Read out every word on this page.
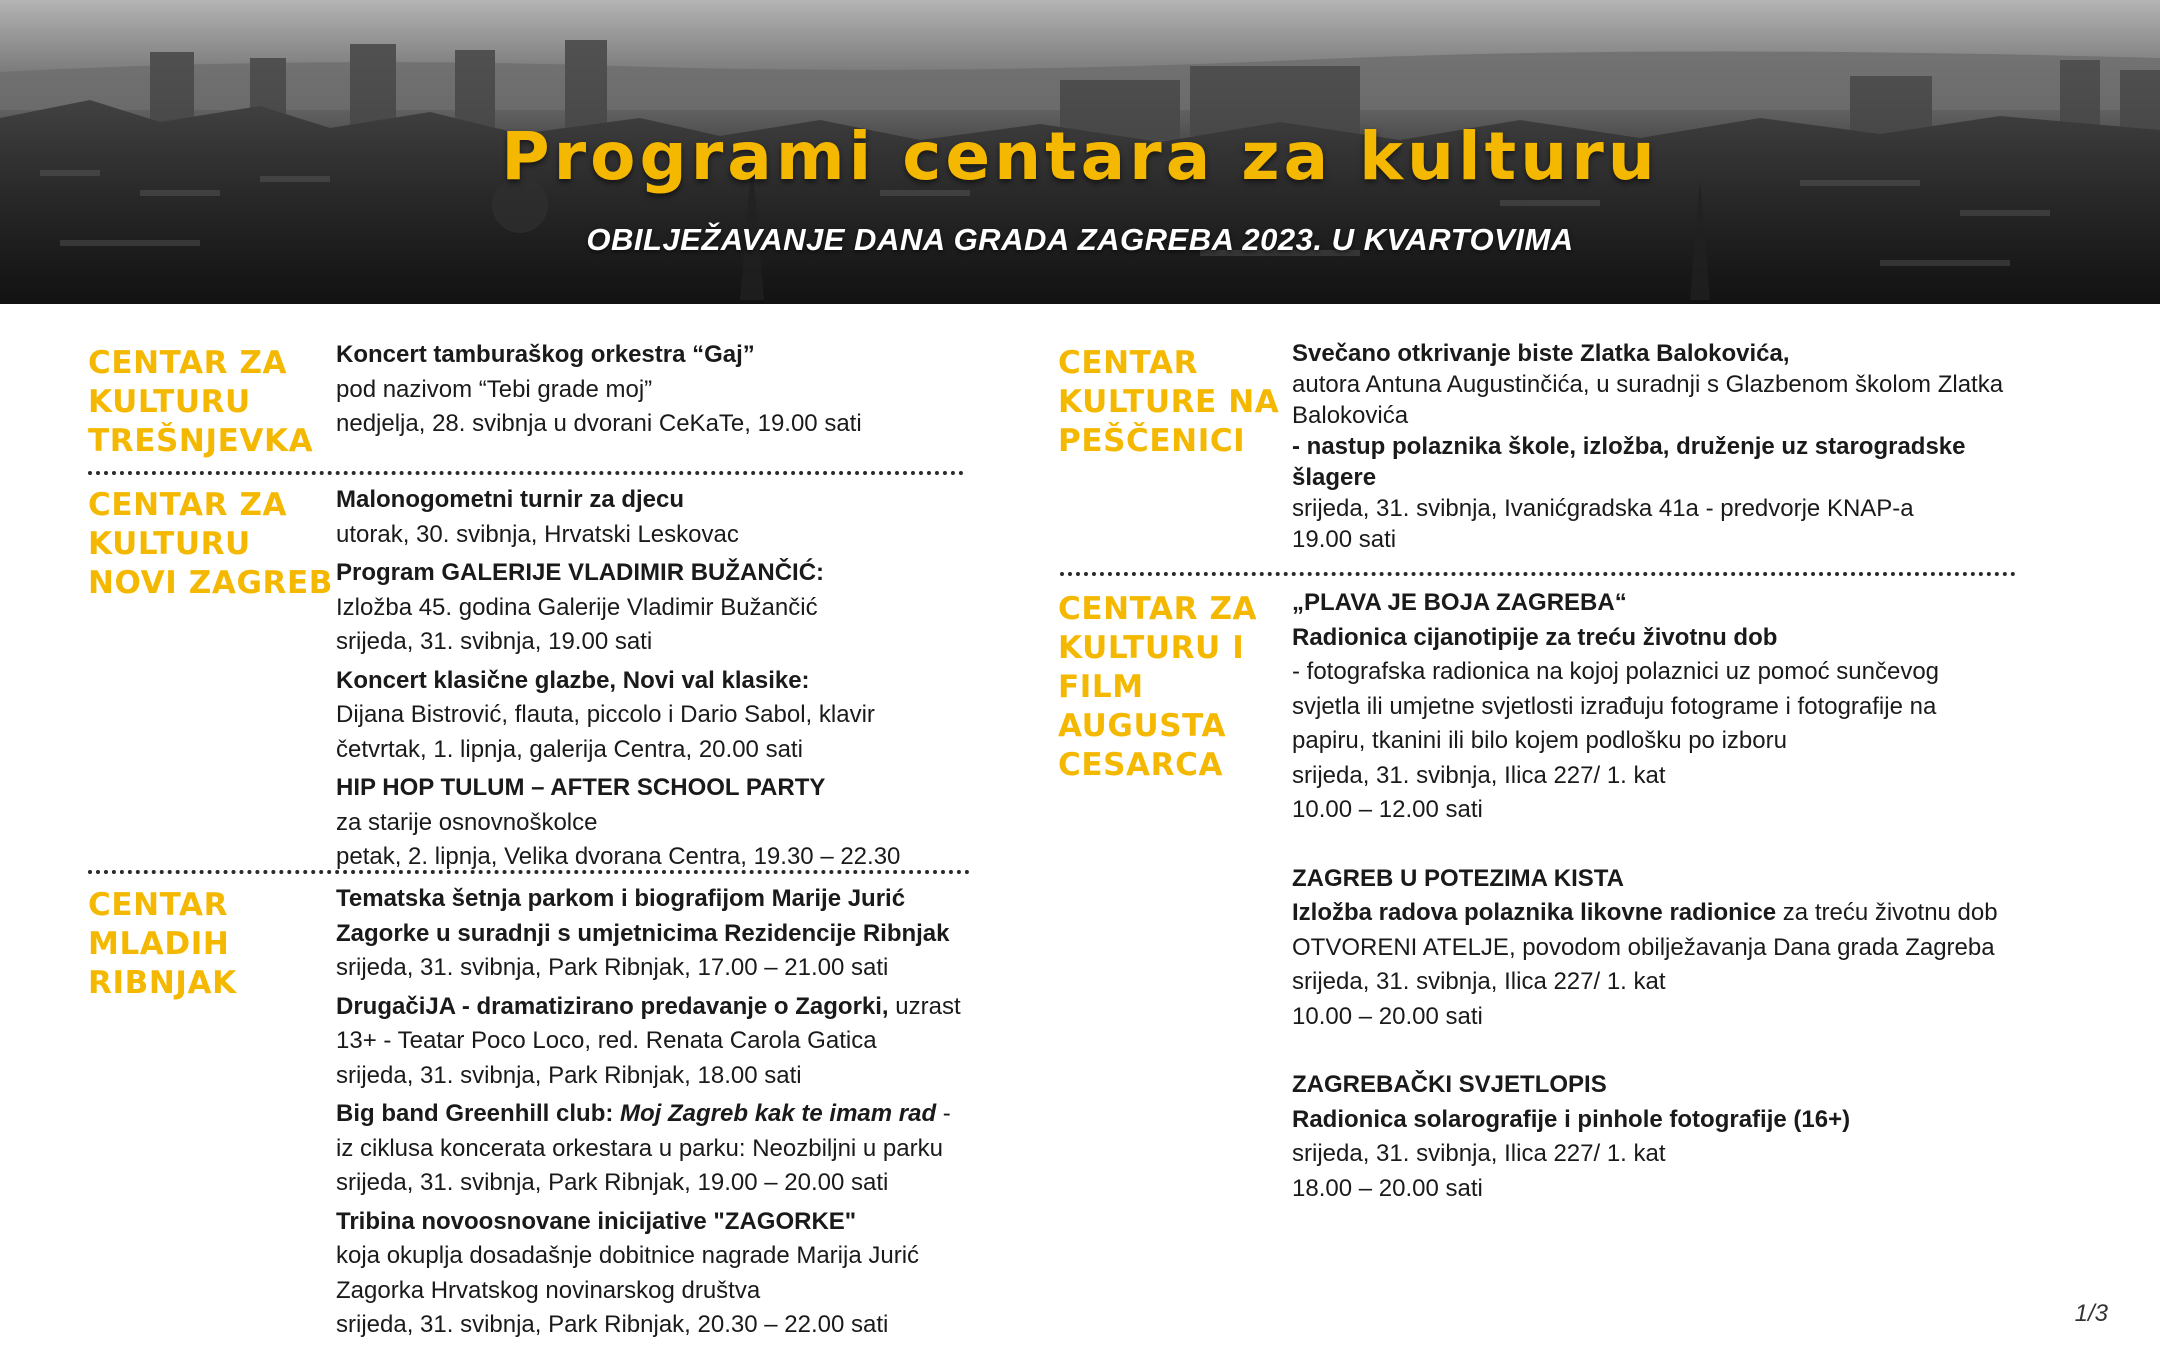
Programi centara za kulturu

OBILJEŽAVANJE DANA GRADA ZAGREBA 2023. U KVARTOVIMA

CENTAR ZA
KULTURU
TREŠNJEVKA

Koncert tamburaškog orkestra “Gaj”

pod nazivom “Tebi grade moj”

nedjelja, 28. svibnja u dvorani CeKaTe, 19.00 sati

CENTAR ZA
KULTURU
NOVI ZAGREB

Malonogometni turnir za djecu

utorak, 30. svibnja, Hrvatski Leskovac

Program GALERIJE VLADIMIR BUŽANČIĆ:

Izložba 45. godina Galerije Vladimir Bužančić

srijeda, 31. svibnja, 19.00 sati

Koncert klasične glazbe, Novi val klasike:

Dijana Bistrović, flauta, piccolo i Dario Sabol, klavir

četvrtak, 1. lipnja, galerija Centra, 20.00 sati

HIP HOP TULUM – AFTER SCHOOL PARTY

za starije osnovnoškolce

petak, 2. lipnja, Velika dvorana Centra, 19.30 – 22.30

CENTAR
MLADIH
RIBNJAK

Tematska šetnja parkom i biografijom Marije Jurić

Zagorke u suradnji s umjetnicima Rezidencije Ribnjak

srijeda, 31. svibnja, Park Ribnjak, 17.00 – 21.00 sati

DrugačiJA - dramatizirano predavanje o Zagorki, uzrast

13+ - Teatar Poco Loco, red. Renata Carola Gatica

srijeda, 31. svibnja, Park Ribnjak, 18.00 sati

Big band Greenhill club: Moj Zagreb kak te imam rad -

iz ciklusa koncerata orkestara u parku: Neozbiljni u parku

srijeda, 31. svibnja, Park Ribnjak, 19.00 – 20.00 sati

Tribina novoosnovane inicijative "ZAGORKE"

koja okuplja dosadašnje dobitnice nagrade Marija Jurić

Zagorka Hrvatskog novinarskog društva

srijeda, 31. svibnja, Park Ribnjak, 20.30 – 22.00 sati

CENTAR
KULTURE NA
PEŠČENICI

Svečano otkrivanje biste Zlatka Balokovića,

autora Antuna Augustinčića, u suradnji s Glazbenom školom Zlatka

Balokovića

- nastup polaznika škole, izložba, druženje uz starogradske

šlagere

srijeda, 31. svibnja, Ivanićgradska 41a - predvorje KNAP-a

19.00 sati

CENTAR ZA
KULTURU I
FILM
AUGUSTA
CESARCA

„PLAVA JE BOJA ZAGREBA“

Radionica cijanotipije za treću životnu dob

- fotografska radionica na kojoj polaznici uz pomoć sunčevog

svjetla ili umjetne svjetlosti izrađuju fotograme i fotografije na

papiru, tkanini ili bilo kojem podlošku po izboru

srijeda, 31. svibnja, Ilica 227/ 1. kat

10.00 – 12.00 sati

ZAGREB U POTEZIMA KISTA

Izložba radova polaznika likovne radionice za treću životnu dob

OTVORENI ATELJE, povodom obilježavanja Dana grada Zagreba

srijeda, 31. svibnja, Ilica 227/ 1. kat

10.00 – 20.00 sati

ZAGREBAČKI SVJETLOPIS

Radionica solarografije i pinhole fotografije (16+)

srijeda, 31. svibnja, Ilica 227/ 1. kat

18.00 – 20.00 sati

1/3
